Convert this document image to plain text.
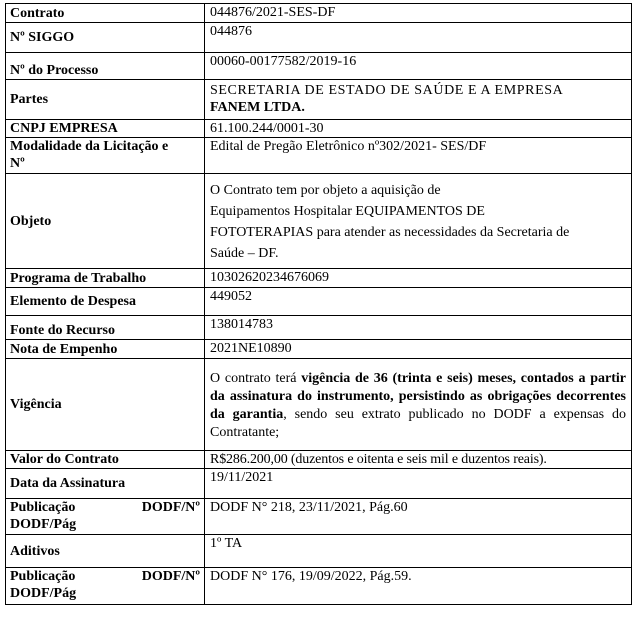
Contrato	044876/2021-SES-DF
Nº SIGGO	044876
Nº do Processo	00060-00177582/2019-16
Partes	SECRETARIA DE ESTADO DE SAÚDE E A EMPRESA
FANEM LTDA.
CNPJ EMPRESA	61.100.244/0001-30

Modalidade da Licitação e
Nº	Edital de Pregão Eletrônico nº302/2021- SES/DF
Objeto	O Contrato tem por objeto a aquisição de
Equipamentos Hospitalar EQUIPAMENTOS DE
FOTOTERAPIAS para atender as necessidades da Secretaria de
Saúde – DF.

Programa de Trabalho	10302620234676069
Elemento de Despesa	449052
Fonte do Recurso	138014783
Nota de Empenho	2021NE10890
Vigência	O contrato terá vigência de 36 (trinta e seis) meses, contados a partir da assinatura do instrumento, persistindo as obrigações decorrentes da garantia, sendo seu extrato publicado no DODF a expensas do Contratante;
Valor do Contrato	R$286.200,00 (duzentos e oitenta e seis mil e duzentos reais).
Data da Assinatura	19/11/2021

Publicação DODF/Nº
DODF/Pág	DODF N° 218, 23/11/2021, Pág.60
Aditivos	1º TA

Publicação DODF/Nº
DODF/Pág	DODF N° 176, 19/09/2022, Pág.59.
